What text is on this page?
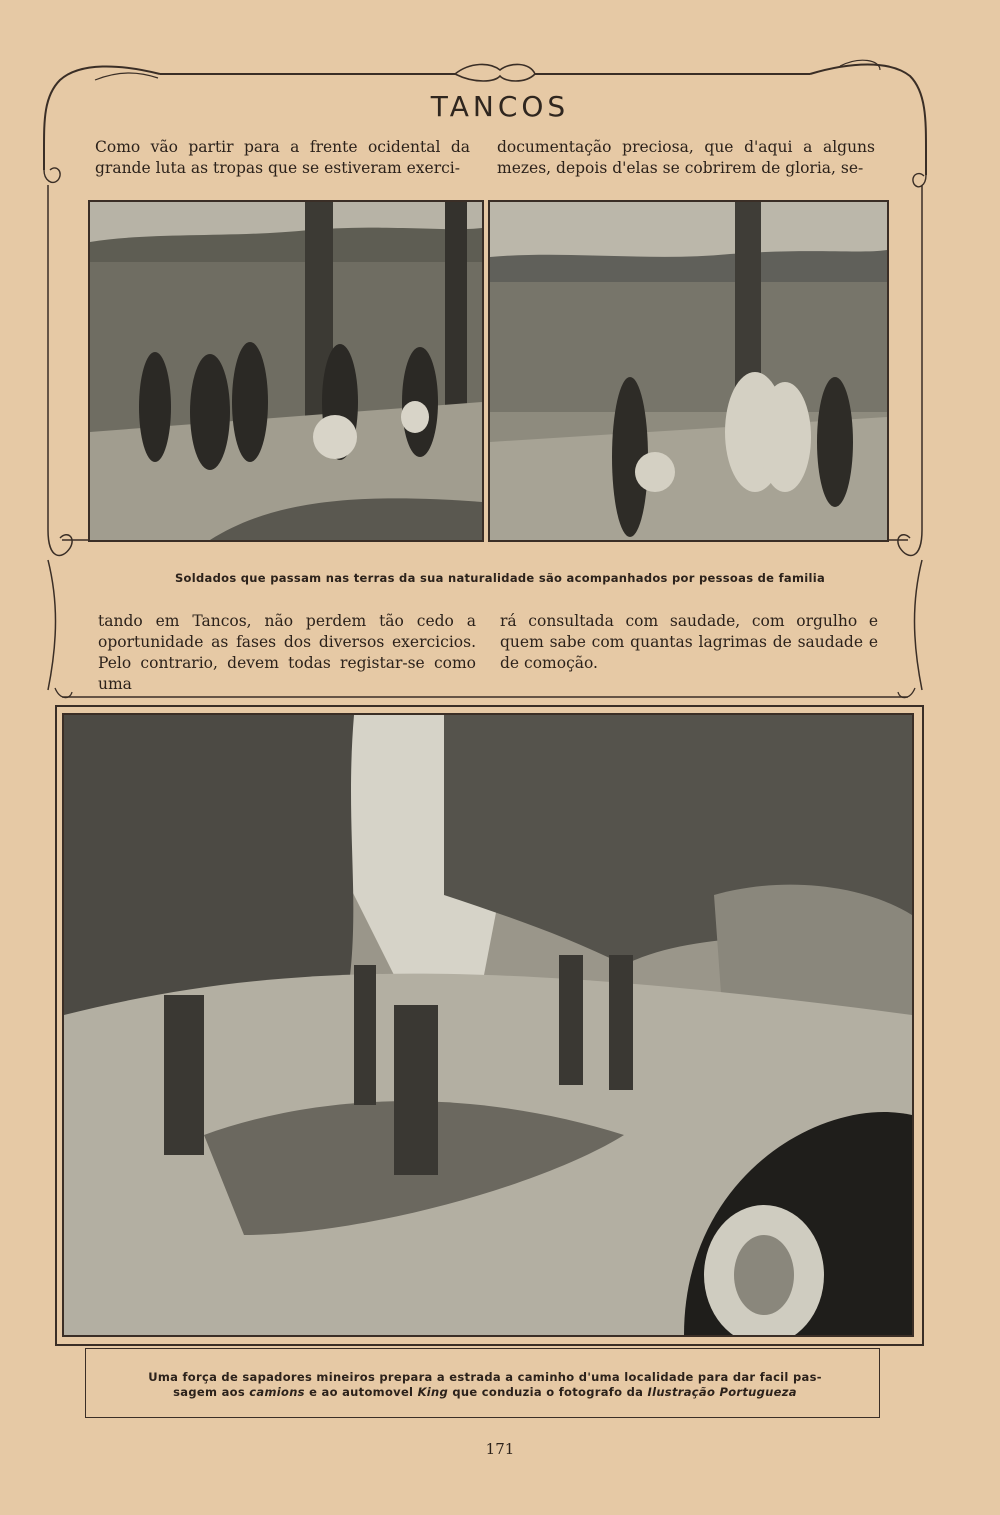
TANCOS

Como vão partir para a frente ocidental da grande luta as tropas que se estiveram exerci-

documentação preciosa, que d'aqui a alguns mezes, depois d'elas se cobrirem de gloria, se-

Soldados que passam nas terras da sua naturalidade são acompanhados por pessoas de familia

tando em Tancos, não perdem tão cedo a oportunidade as fases dos diversos exercicios. Pelo contrario, devem todas registar-se como uma

rá consultada com saudade, com orgulho e quem sabe com quantas lagrimas de saudade e de comoção.

Uma força de sapadores mineiros prepara a estrada a caminho d'uma localidade para dar facil pas-
sagem aos camions e ao automovel King que conduzia o fotografo da Ilustração Portugueza
171
